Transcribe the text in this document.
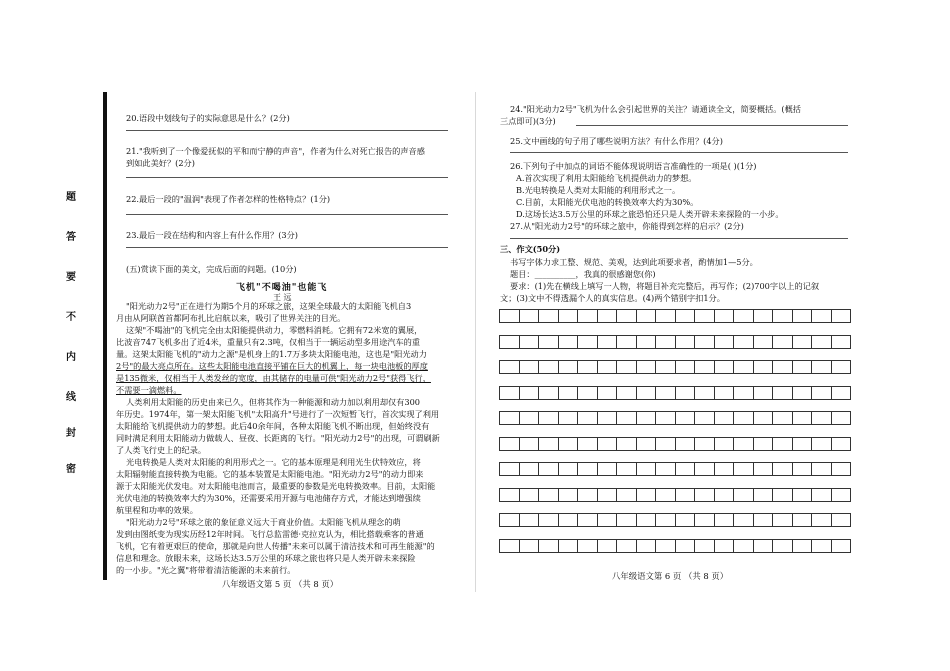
题
答
要
不
内
线
封
密
20.语段中划线句子的实际意思是什么？(2分)
21."我听到了一个像爱抚似的平和而宁静的声音"，作者为什么对死亡报告的声音感
到如此美好？(2分)
22.最后一段的"温润"表现了作者怎样的性格特点？(1分)
23.最后一段在结构和内容上有什么作用？(3分)
(五)赏读下面的美文，完成后面的问题。(10分)
飞机"不喝油"也能飞
王 远
"阳光动力2号"正在进行为期5个月的环球之旅，这架全球最大的太阳能飞机自3
月由从阿联酋首都阿布扎比启航以来，吸引了世界关注的目光。
这架"不喝油"的飞机完全由太阳能提供动力，零燃料消耗。它拥有72米宽的翼展，
比波音747飞机多出了近4米，重量只有2.3吨，仅相当于一辆运动型多用途汽车的重
量。这架太阳能飞机的"动力之源"是机身上的1.7万多块太阳能电池，这也是"阳光动力
2号"的最大亮点所在。这些太阳能电池直接平铺在巨大的机翼上，每一块电池板的厚度
是135微米，仅相当于人类发丝的宽度，由其储存的电量可供"阳光动力2号"获得飞行，
不需要一滴燃料。
人类利用太阳能的历史由来已久，但将其作为一种能源和动力加以利用却仅有300
年历史。1974年，第一架太阳能飞机"太阳高升"号进行了一次短暂飞行，首次实现了利用
太阳能给飞机提供动力的梦想。此后40余年间，各种太阳能飞机不断出现，但始终没有
同时满足利用太阳能动力做载人、昼夜、长距离的飞行。"阳光动力2号"的出现，可谓刷新
了人类飞行史上的纪录。
光电转换是人类对太阳能的利用形式之一。它的基本原理是利用光生伏特效应，将
太阳辐射能直接转换为电能。它的基本装置是太阳能电池。"阳光动力2号"的动力即来
源于太阳能光伏发电。对太阳能电池而言，最重要的参数是光电转换效率。目前，太阳能
光伏电池的转换效率大约为30%，还需要采用开源与电池储存方式，才能达到增强续
航里程和功率的效果。
"阳光动力2号"环球之旅的象征意义远大于商业价值。太阳能飞机从理念的萌
发到由图纸变为现实历经12年时间。飞行总监雷德·克拉克认为，相比搭载乘客的普通
飞机，它有着更艰巨的使命，那就是向世人传播"未来可以属于清洁技术和可再生能源"的
信息和理念。放眼未来，这场长达3.5万公里的环球之旅也将只是人类开辟未来探险
的一小步。"光之翼"将带着清洁能源的未来前行。
八年级语文第 5 页 （共 8 页）
24."阳光动力2号"飞机为什么会引起世界的关注？请通读全文，简要概括。(概括
三点即可)(3分)
25.文中画线的句子用了哪些说明方法？有什么作用？(4分)
26.下列句子中加点的词语不能体现说明语言准确性的一项是( )(1分)
A.首次实现了利用太阳能给飞机提供动力的梦想。
B.光电转换是人类对太阳能的利用形式之一。
C.目前，太阳能光伏电池的转换效率大约为30%。
D.这场长达3.5万公里的环球之旅恐怕还只是人类开辟未来探险的一小步。
27.从"阳光动力2号"的环球之旅中，你能得到怎样的启示？(2分)
三、作文(50分)
书写字体力求工整、规范、美观，达到此项要求者，酌情加1—5分。
题目：__________，我真的很感谢您(你)
要求：(1)先在横线上填写一人物，将题目补充完整后，再写作；(2)700字以上的记叙
文；(3)文中不得透漏个人的真实信息。(4)两个错别字扣1分。
八年级语文第 6 页 （共 8 页）
